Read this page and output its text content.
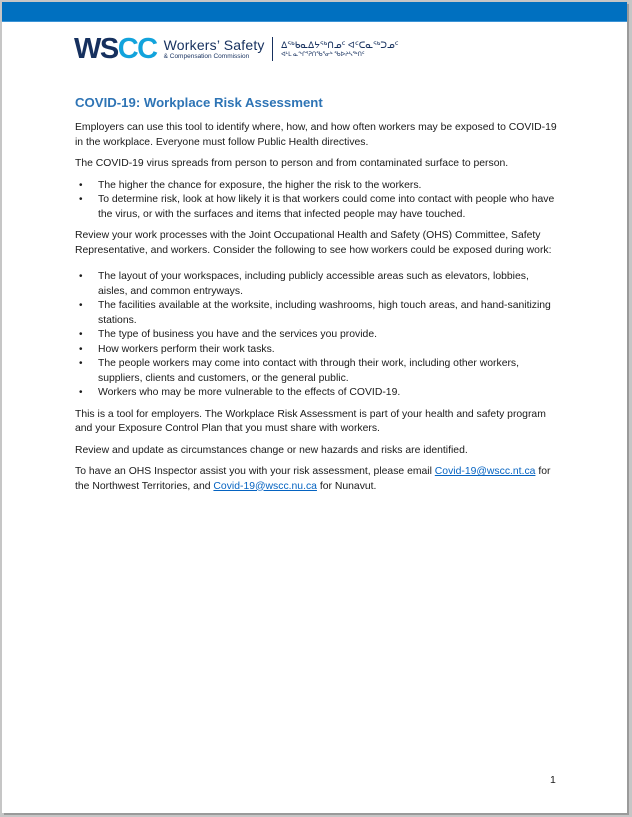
WSCC Workers’ Safety
& Compensation Commission
ᐃᖅᑲᓇᐃᔭᖅᑎᓄᑦ ᐊᑦᑕᓇᖅᑐᓄᑦ
ᐊᒻᒪ ᓇᖏᕐᕈᑎᖃᕐᓂᒃ ᖃᐅᔨᓴᖅᑎᑦ
COVID-19: Workplace Risk Assessment

Employers can use this tool to identify where, how, and how often workers may be exposed to COVID-19 in the workplace. Everyone must follow Public Health directives.

The COVID-19 virus spreads from person to person and from contaminated surface to person.

• The higher the chance for exposure, the higher the risk to the workers.
• To determine risk, look at how likely it is that workers could come into contact with people who have the virus, or with the surfaces and items that infected people may have touched.

Review your work processes with the Joint Occupational Health and Safety (OHS) Committee, Safety Representative, and workers. Consider the following to see how workers could be exposed during work:

• The layout of your workspaces, including publicly accessible areas such as elevators, lobbies, aisles, and common entryways.
• The facilities available at the worksite, including washrooms, high touch areas, and hand-sanitizing stations.
• The type of business you have and the services you provide.
• How workers perform their work tasks.
• The people workers may come into contact with through their work, including other workers, suppliers, clients and customers, or the general public.
• Workers who may be more vulnerable to the effects of COVID-19.

This is a tool for employers. The Workplace Risk Assessment is part of your health and safety program and your Exposure Control Plan that you must share with workers.

Review and update as circumstances change or new hazards and risks are identified.

To have an OHS Inspector assist you with your risk assessment, please email Covid-19@wscc.nt.ca for the Northwest Territories, and Covid-19@wscc.nu.ca for Nunavut.

1
